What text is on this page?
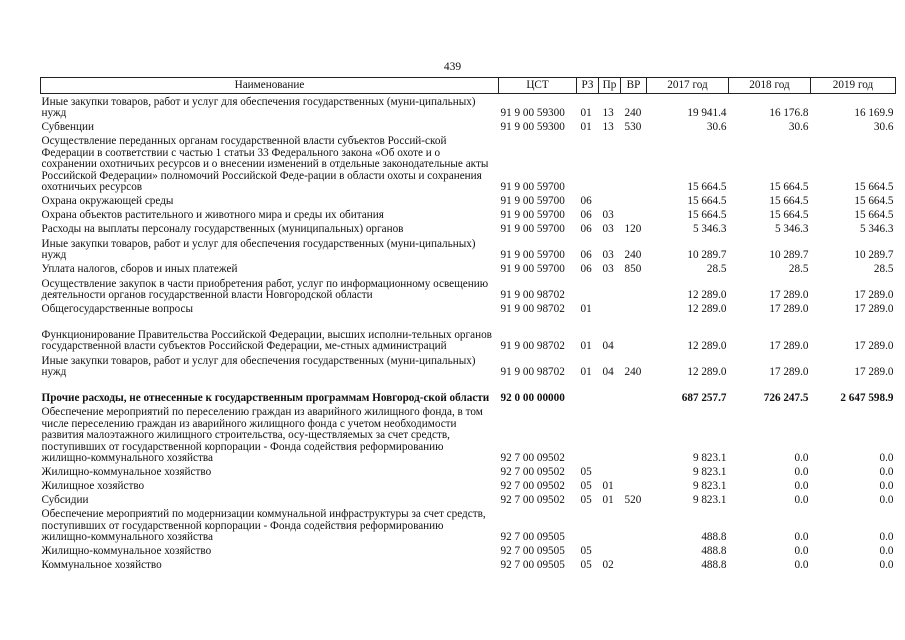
439
Наименование	ЦСТ	РЗ	Пр	ВР	2017 год	2018 год	2019 год
Иные закупки товаров, работ и услуг для обеспечения государственных (муни-ципальных) нужд	91 9 00 59300	01	13	240	19 941.4	16 176.8	16 169.9
Субвенции	91 9 00 59300	01	13	530	30.6	30.6	30.6
Осуществление переданных органам государственной власти субъектов Россий-ской Федерации в соответствии с частью 1 статьи 33 Федерального закона «Об охоте и о сохранении охотничьих ресурсов и о внесении изменений в отдельные законодательные акты Российской Федерации» полномочий Российской Феде-рации в области охоты и сохранения охотничьих ресурсов	91 9 00 59700				15 664.5	15 664.5	15 664.5
Охрана окружающей среды	91 9 00 59700	06			15 664.5	15 664.5	15 664.5
Охрана объектов растительного и животного мира и среды их обитания	91 9 00 59700	06	03		15 664.5	15 664.5	15 664.5
Расходы на выплаты персоналу государственных (муниципальных) органов	91 9 00 59700	06	03	120	5 346.3	5 346.3	5 346.3
Иные закупки товаров, работ и услуг для обеспечения государственных (муни-ципальных) нужд	91 9 00 59700	06	03	240	10 289.7	10 289.7	10 289.7
Уплата налогов, сборов и иных платежей	91 9 00 59700	06	03	850	28.5	28.5	28.5
Осуществление закупок в части приобретения работ, услуг по информационному освещению деятельности органов государственной власти Новгородской области	91 9 00 98702				12 289.0	17 289.0	17 289.0
Общегосударственные вопросы	91 9 00 98702	01			12 289.0	17 289.0	17 289.0
Функционирование Правительства Российской Федерации, высших исполни-тельных органов государственной власти субъектов Российской Федерации, ме-стных администраций	91 9 00 98702	01	04		12 289.0	17 289.0	17 289.0
Иные закупки товаров, работ и услуг для обеспечения государственных (муни-ципальных) нужд	91 9 00 98702	01	04	240	12 289.0	17 289.0	17 289.0
Прочие расходы, не отнесенные к государственным программам Новгород-ской области	92 0 00 00000				687 257.7	726 247.5	2 647 598.9
Обеспечение мероприятий по переселению граждан из аварийного жилищного фонда, в том числе переселению граждан из аварийного жилищного фонда с учетом необходимости развития малоэтажного жилищного строительства, осу-ществляемых за счет средств, поступивших от государственной корпорации - Фонда содействия реформированию жилищно-коммунального хозяйства	92 7 00 09502				9 823.1	0.0	0.0
Жилищно-коммунальное хозяйство	92 7 00 09502	05			9 823.1	0.0	0.0
Жилищное хозяйство	92 7 00 09502	05	01		9 823.1	0.0	0.0
Субсидии	92 7 00 09502	05	01	520	9 823.1	0.0	0.0
Обеспечение мероприятий по модернизации коммунальной инфраструктуры за счет средств, поступивших от государственной корпорации - Фонда содействия реформированию жилищно-коммунального хозяйства	92 7 00 09505				488.8	0.0	0.0
Жилищно-коммунальное хозяйство	92 7 00 09505	05			488.8	0.0	0.0
Коммунальное хозяйство	92 7 00 09505	05	02		488.8	0.0	0.0
